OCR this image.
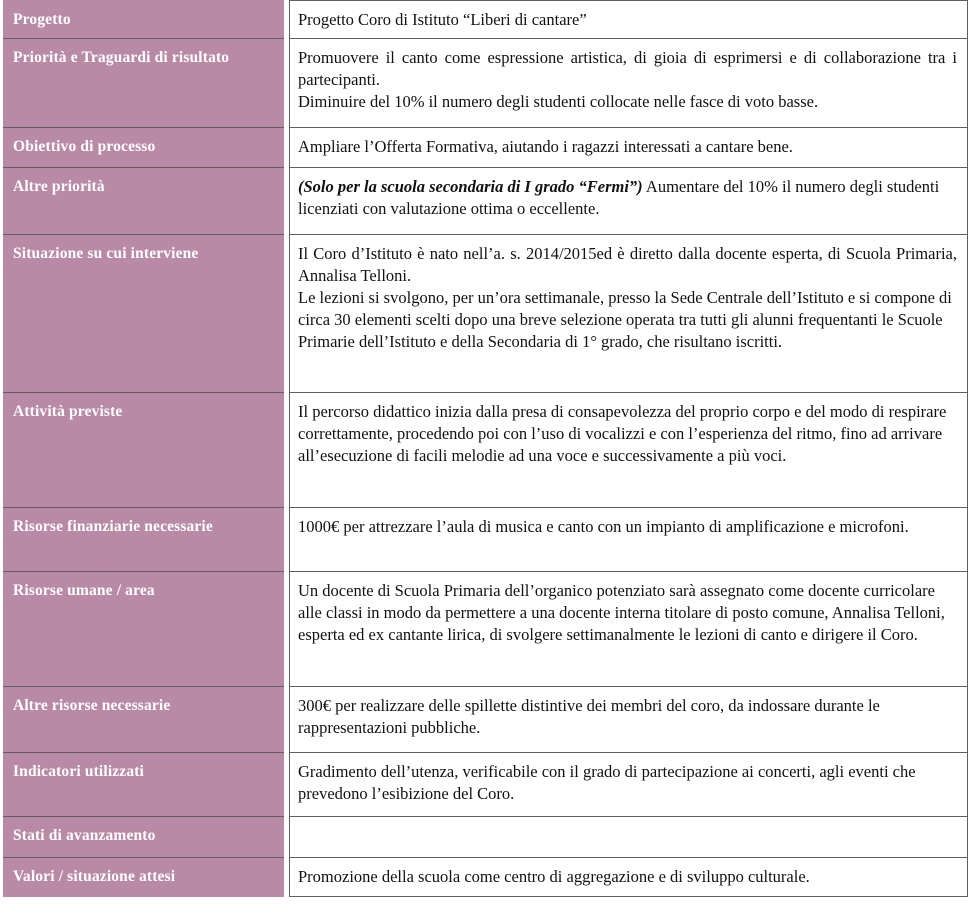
Progetto	Progetto Coro di Istituto “Liberi di cantare”

Priorità e Traguardi di risultato	Promuovere il canto come espressione artistica, di gioia di esprimersi e di collaborazione tra i partecipanti.

Diminuire del 10% il numero degli studenti collocate nelle fasce di voto basse.

Obiettivo di processo	Ampliare l’Offerta Formativa, aiutando i ragazzi interessati a cantare bene.

Altre priorità	(Solo per la scuola secondaria di I grado “Fermi”) Aumentare del 10% il numero degli studenti licenziati con valutazione ottima o eccellente.

Situazione su cui interviene	Il Coro d’Istituto è nato nell’a. s. 2014/2015ed è diretto dalla docente esperta, di Scuola Primaria, Annalisa Telloni.

Le lezioni si svolgono, per un’ora settimanale, presso la Sede Centrale dell’Istituto e si compone di circa 30 elementi scelti dopo una breve selezione operata tra tutti gli alunni frequentanti le Scuole Primarie dell’Istituto e della Secondaria di 1° grado, che risultano iscritti.

Attività previste	Il percorso didattico inizia dalla presa di consapevolezza del proprio corpo e del modo di respirare correttamente, procedendo poi con l’uso di vocalizzi e con l’esperienza del ritmo, fino ad arrivare all’esecuzione di facili melodie ad una voce e successivamente a più voci.

Risorse finanziarie necessarie	1000€ per attrezzare l’aula di musica e canto con un impianto di amplificazione e microfoni.

Risorse umane / area	Un docente di Scuola Primaria dell’organico potenziato sarà assegnato come docente curricolare alle classi in modo da permettere a una docente interna titolare di posto comune, Annalisa Telloni, esperta ed ex cantante lirica, di svolgere settimanalmente le lezioni di canto e dirigere il Coro.

Altre risorse necessarie	300€ per realizzare delle spillette distintive dei membri del coro, da indossare durante le rappresentazioni pubbliche.

Indicatori utilizzati	Gradimento dell’utenza, verificabile con il grado di partecipazione ai concerti, agli eventi che prevedono l’esibizione del Coro.

Stati di avanzamento
Valori / situazione attesi	Promozione della scuola come centro di aggregazione e di sviluppo culturale.
